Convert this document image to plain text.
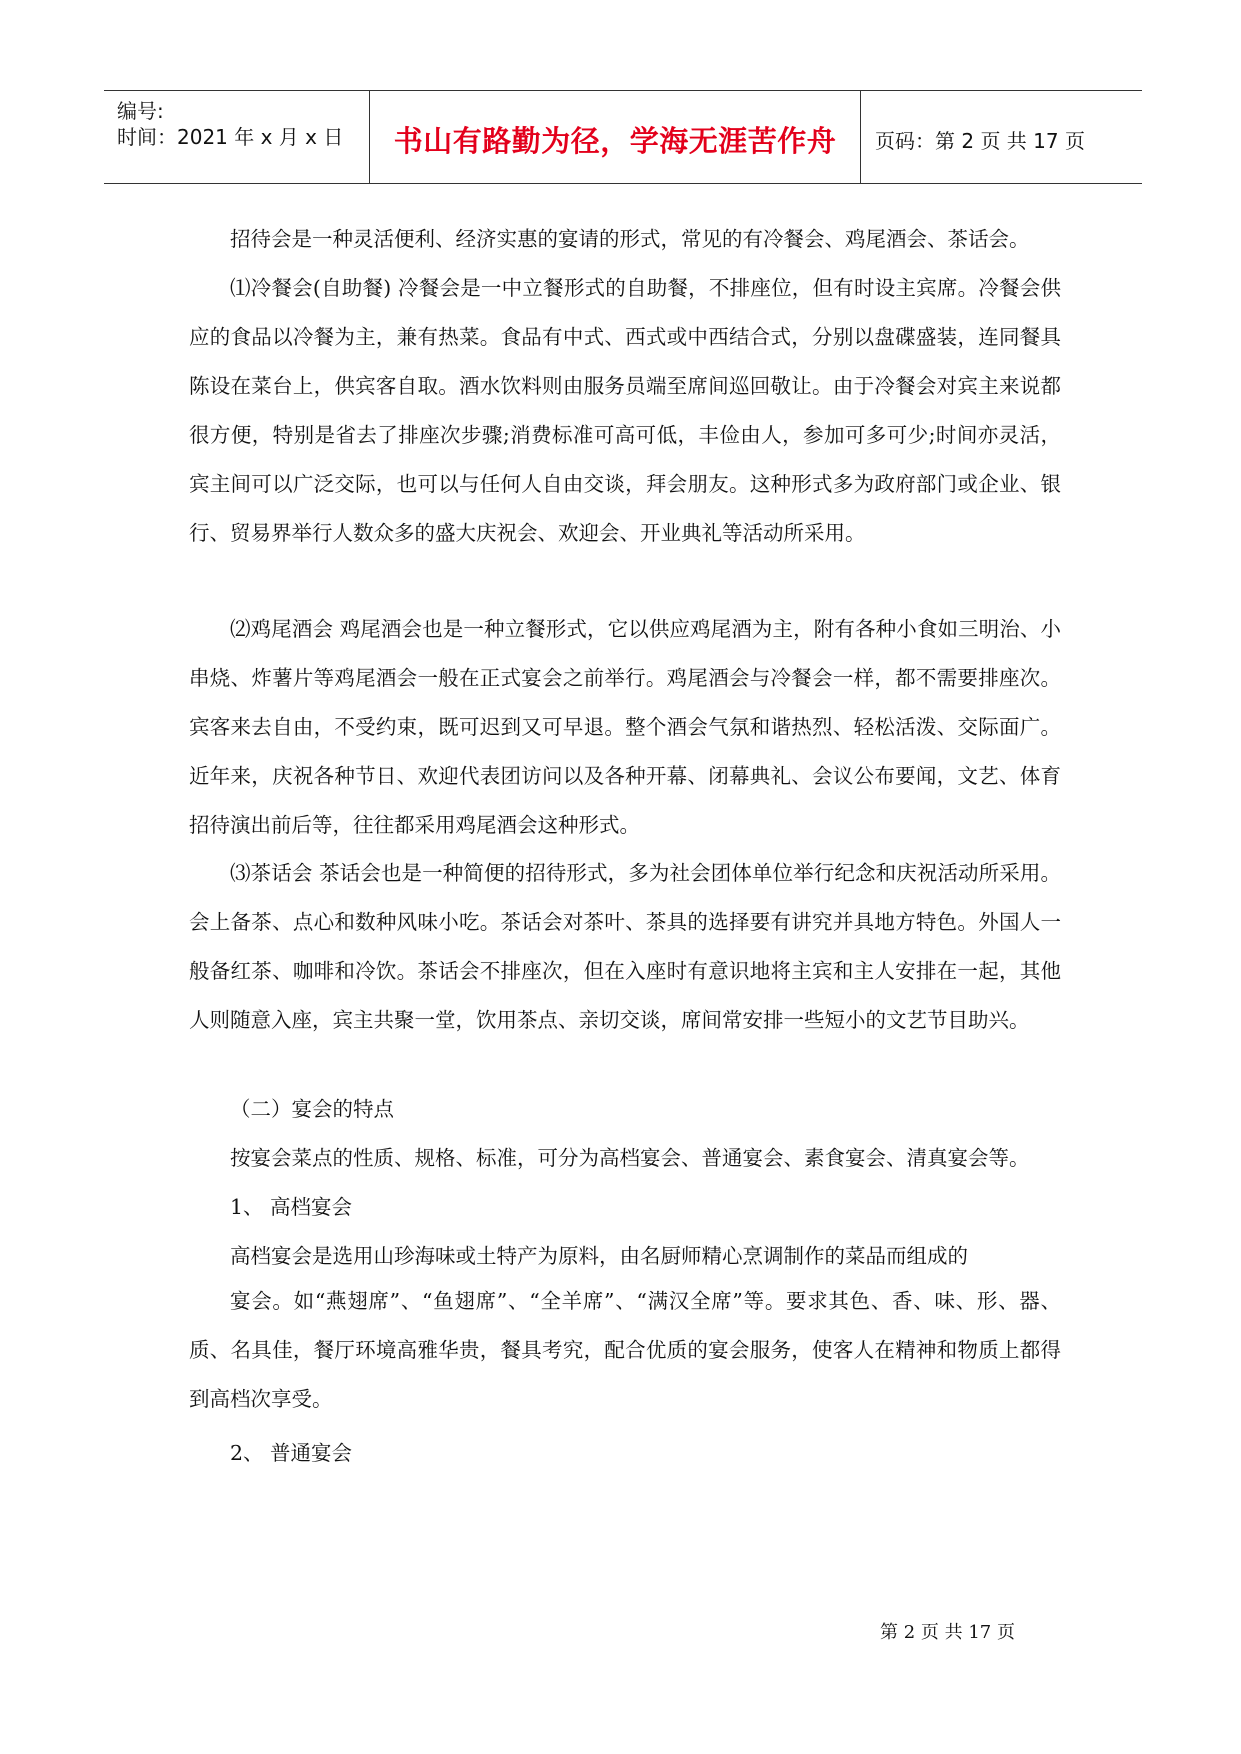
编号:
时间：2021 年 x 月 x 日	书山有路勤为径，学海无涯苦作舟	页码：第 2 页 共 17 页

招待会是一种灵活便利、经济实惠的宴请的形式，常见的有冷餐会、鸡尾酒会、茶话会。

⑴冷餐会(自助餐) 冷餐会是一中立餐形式的自助餐，不排座位，但有时设主宾席。冷餐会供应的食品以冷餐为主，兼有热菜。食品有中式、西式或中西结合式，分别以盘碟盛装，连同餐具陈设在菜台上，供宾客自取。酒水饮料则由服务员端至席间巡回敬让。由于冷餐会对宾主来说都很方便，特别是省去了排座次步骤;消费标准可高可低，丰俭由人，参加可多可少;时间亦灵活，宾主间可以广泛交际，也可以与任何人自由交谈，拜会朋友。这种形式多为政府部门或企业、银行、贸易界举行人数众多的盛大庆祝会、欢迎会、开业典礼等活动所采用。

⑵鸡尾酒会 鸡尾酒会也是一种立餐形式，它以供应鸡尾酒为主，附有各种小食如三明治、小串烧、炸薯片等鸡尾酒会一般在正式宴会之前举行。鸡尾酒会与冷餐会一样，都不需要排座次。宾客来去自由，不受约束，既可迟到又可早退。整个酒会气氛和谐热烈、轻松活泼、交际面广。近年来，庆祝各种节日、欢迎代表团访问以及各种开幕、闭幕典礼、会议公布要闻，文艺、体育招待演出前后等，往往都采用鸡尾酒会这种形式。

⑶茶话会 茶话会也是一种简便的招待形式，多为社会团体单位举行纪念和庆祝活动所采用。会上备茶、点心和数种风味小吃。茶话会对茶叶、茶具的选择要有讲究并具地方特色。外国人一般备红茶、咖啡和冷饮。茶话会不排座次，但在入座时有意识地将主宾和主人安排在一起，其他人则随意入座，宾主共聚一堂，饮用茶点、亲切交谈，席间常安排一些短小的文艺节目助兴。

（二）宴会的特点

按宴会菜点的性质、规格、标准，可分为高档宴会、普通宴会、素食宴会、清真宴会等。

1、 高档宴会

高档宴会是选用山珍海味或土特产为原料，由名厨师精心烹调制作的菜品而组成的

宴会。如“燕翅席”、“鱼翅席”、“全羊席”、“满汉全席”等。要求其色、香、味、形、器、质、名具佳，餐厅环境高雅华贵，餐具考究，配合优质的宴会服务，使客人在精神和物质上都得到高档次享受。

2、 普通宴会

第 2 页 共 17 页
